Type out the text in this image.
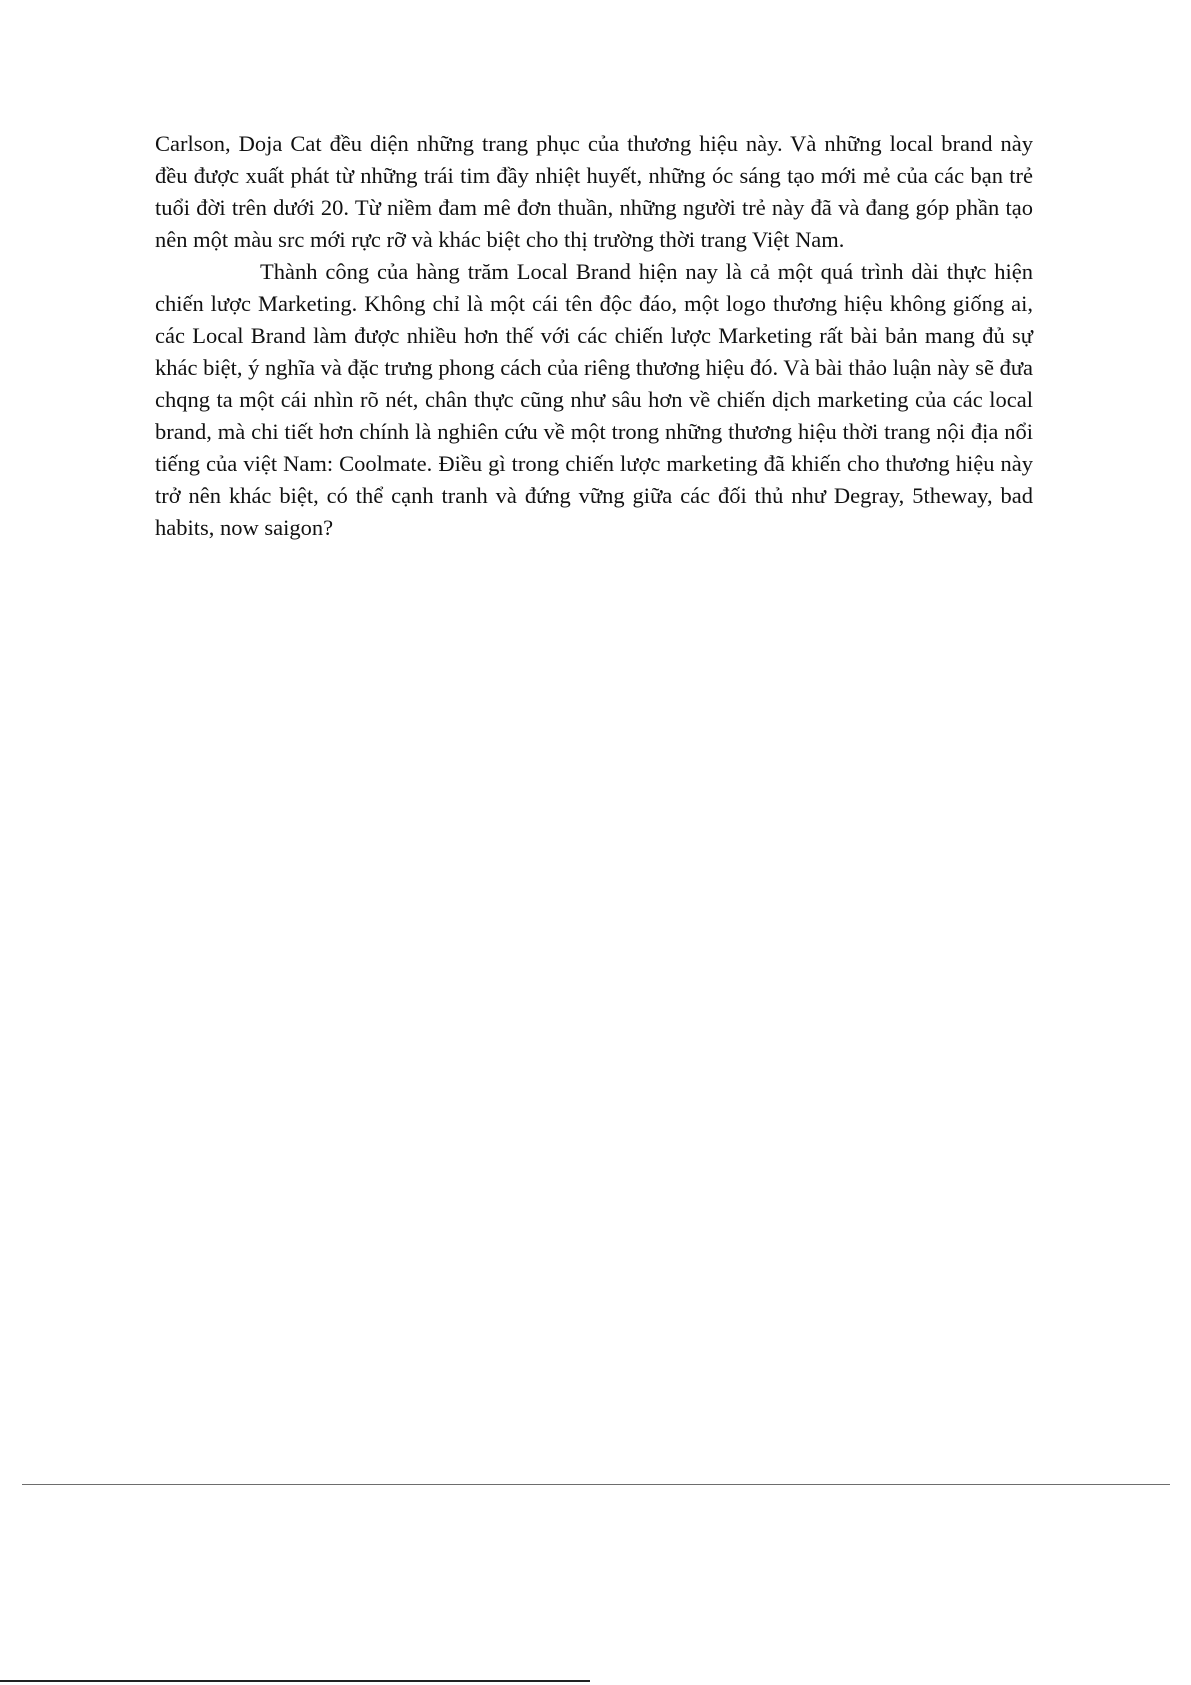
Carlson, Doja Cat đều diện những trang phục của thương hiệu này. Và những local brand này đều được xuất phát từ những trái tim đầy nhiệt huyết, những óc sáng tạo mới mẻ của các bạn trẻ tuổi đời trên dưới 20. Từ niềm đam mê đơn thuần, những người trẻ này đã và đang góp phần tạo nên một màu src mới rực rỡ và khác biệt cho thị trường thời trang Việt Nam.

Thành công của hàng trăm Local Brand hiện nay là cả một quá trình dài thực hiện chiến lược Marketing. Không chỉ là một cái tên độc đáo, một logo thương hiệu không giống ai, các Local Brand làm được nhiều hơn thế với các chiến lược Marketing rất bài bản mang đủ sự khác biệt, ý nghĩa và đặc trưng phong cách của riêng thương hiệu đó. Và bài thảo luận này sẽ đưa chqng ta một cái nhìn rõ nét, chân thực cũng như sâu hơn về chiến dịch marketing của các local brand, mà chi tiết hơn chính là nghiên cứu về một trong những thương hiệu thời trang nội địa nổi tiếng của việt Nam: Coolmate. Điều gì trong chiến lược marketing đã khiến cho thương hiệu này trở nên khác biệt, có thể cạnh tranh và đứng vững giữa các đối thủ như Degray, 5theway, bad habits, now saigon?
